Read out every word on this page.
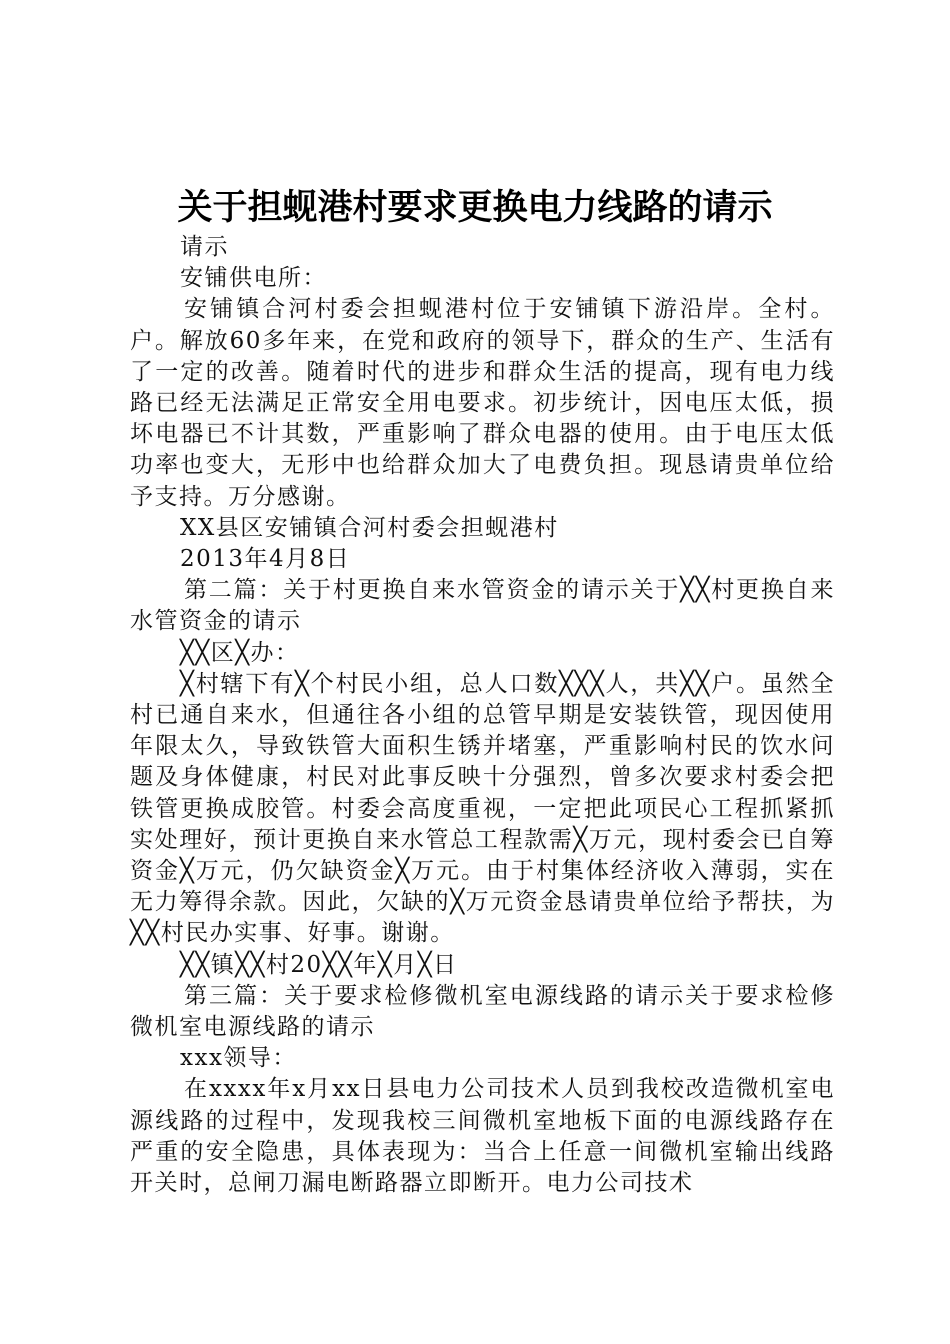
关于担蚬港村要求更换电力线路的请示

请示

安铺供电所：

安铺镇合河村委会担蚬港村位于安铺镇下游沿岸。全村。户。解放60多年来，在党和政府的领导下，群众的生产、生活有了一定的改善。随着时代的进步和群众生活的提高，现有电力线路已经无法满足正常安全用电要求。初步统计，因电压太低，损坏电器已不计其数，严重影响了群众电器的使用。由于电压太低功率也变大，无形中也给群众加大了电费负担。现恳请贵单位给予支持。万分感谢。

XX县区安铺镇合河村委会担蚬港村

2013年4月8日

第二篇：关于村更换自来水管资金的请示关于╳╳村更换自来水管资金的请示

╳╳区╳办：

╳村辖下有╳个村民小组，总人口数╳╳╳人，共╳╳户。虽然全村已通自来水，但通往各小组的总管早期是安装铁管，现因使用年限太久，导致铁管大面积生锈并堵塞，严重影响村民的饮水问题及身体健康，村民对此事反映十分强烈，曾多次要求村委会把铁管更换成胶管。村委会高度重视，一定把此项民心工程抓紧抓实处理好，预计更换自来水管总工程款需╳万元，现村委会已自筹资金╳万元，仍欠缺资金╳万元。由于村集体经济收入薄弱，实在无力筹得余款。因此，欠缺的╳万元资金恳请贵单位给予帮扶，为╳╳村民办实事、好事。谢谢。

╳╳镇╳╳村20╳╳年╳月╳日

第三篇：关于要求检修微机室电源线路的请示关于要求检修微机室电源线路的请示

xxx领导：

在xxxx年x月xx日县电力公司技术人员到我校改造微机室电源线路的过程中，发现我校三间微机室地板下面的电源线路存在严重的安全隐患，具体表现为：当合上任意一间微机室输出线路开关时，总闸刀漏电断路器立即断开。电力公司技术
